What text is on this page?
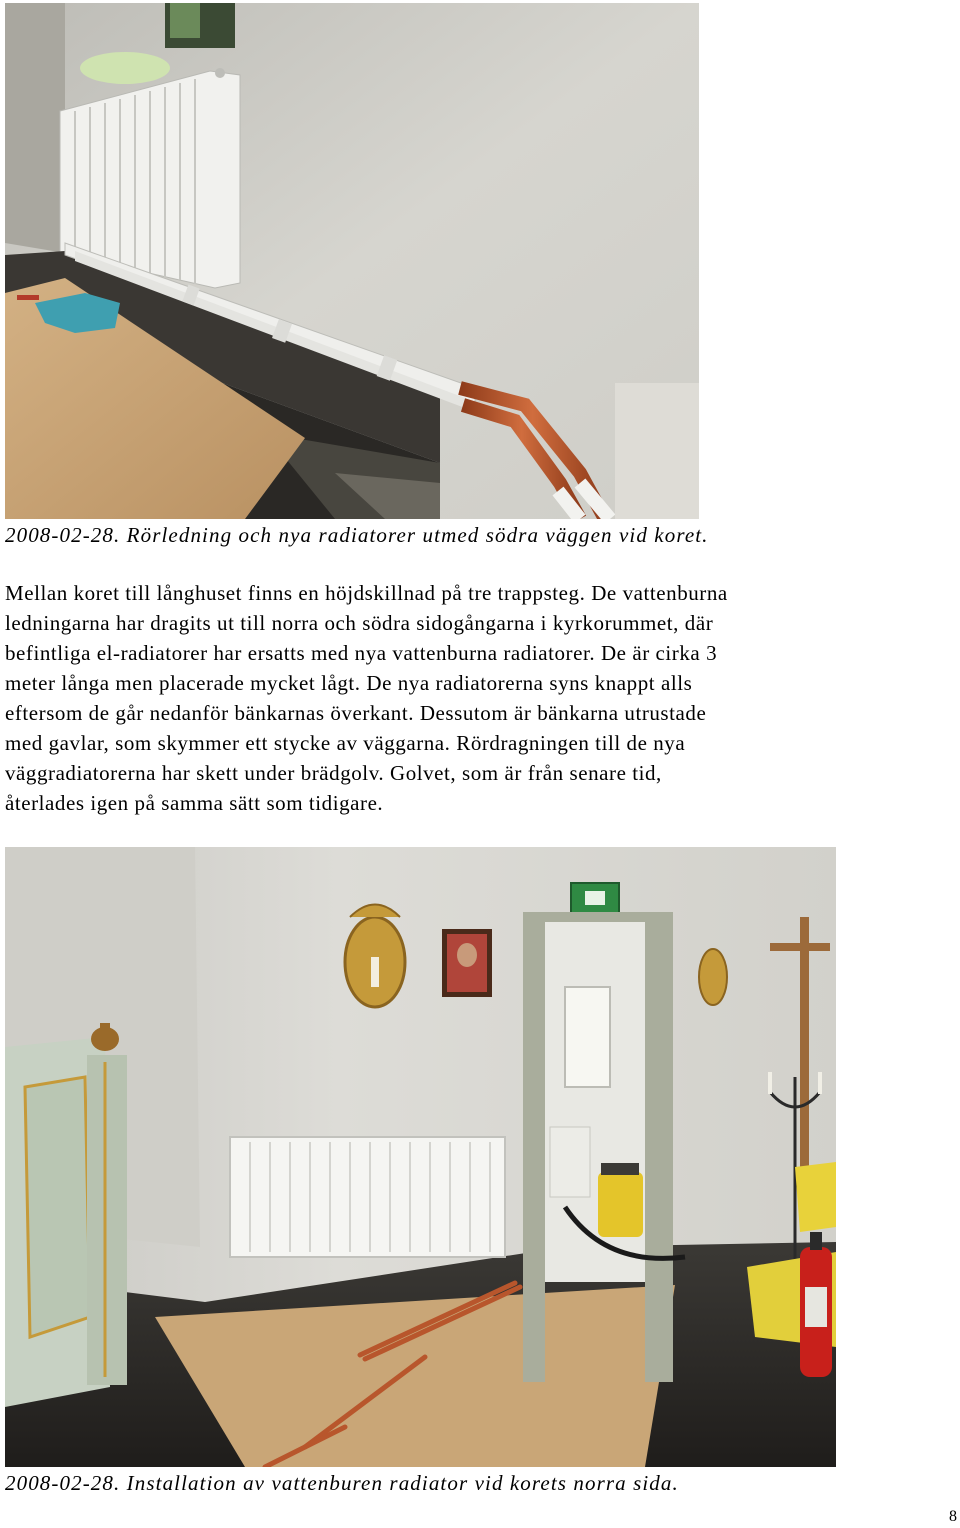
2008-02-28. Rörledning och nya radiatorer utmed södra väggen vid koret.

Mellan koret till långhuset finns en höjdskillnad på tre trappsteg. De vattenburna
ledningarna har dragits ut till norra och södra sidogångarna i kyrkorummet, där
befintliga el-radiatorer har ersatts med nya vattenburna radiatorer. De är cirka 3
meter långa men placerade mycket lågt. De nya radiatorerna syns knappt alls
eftersom de går nedanför bänkarnas överkant. Dessutom är bänkarna utrustade
med gavlar, som skymmer ett stycke av väggarna. Rördragningen till de nya
väggradiatorerna har skett under brädgolv. Golvet, som är från senare tid,
återlades igen på samma sätt som tidigare.

2008-02-28. Installation av vattenburen radiator vid korets norra sida.
8
